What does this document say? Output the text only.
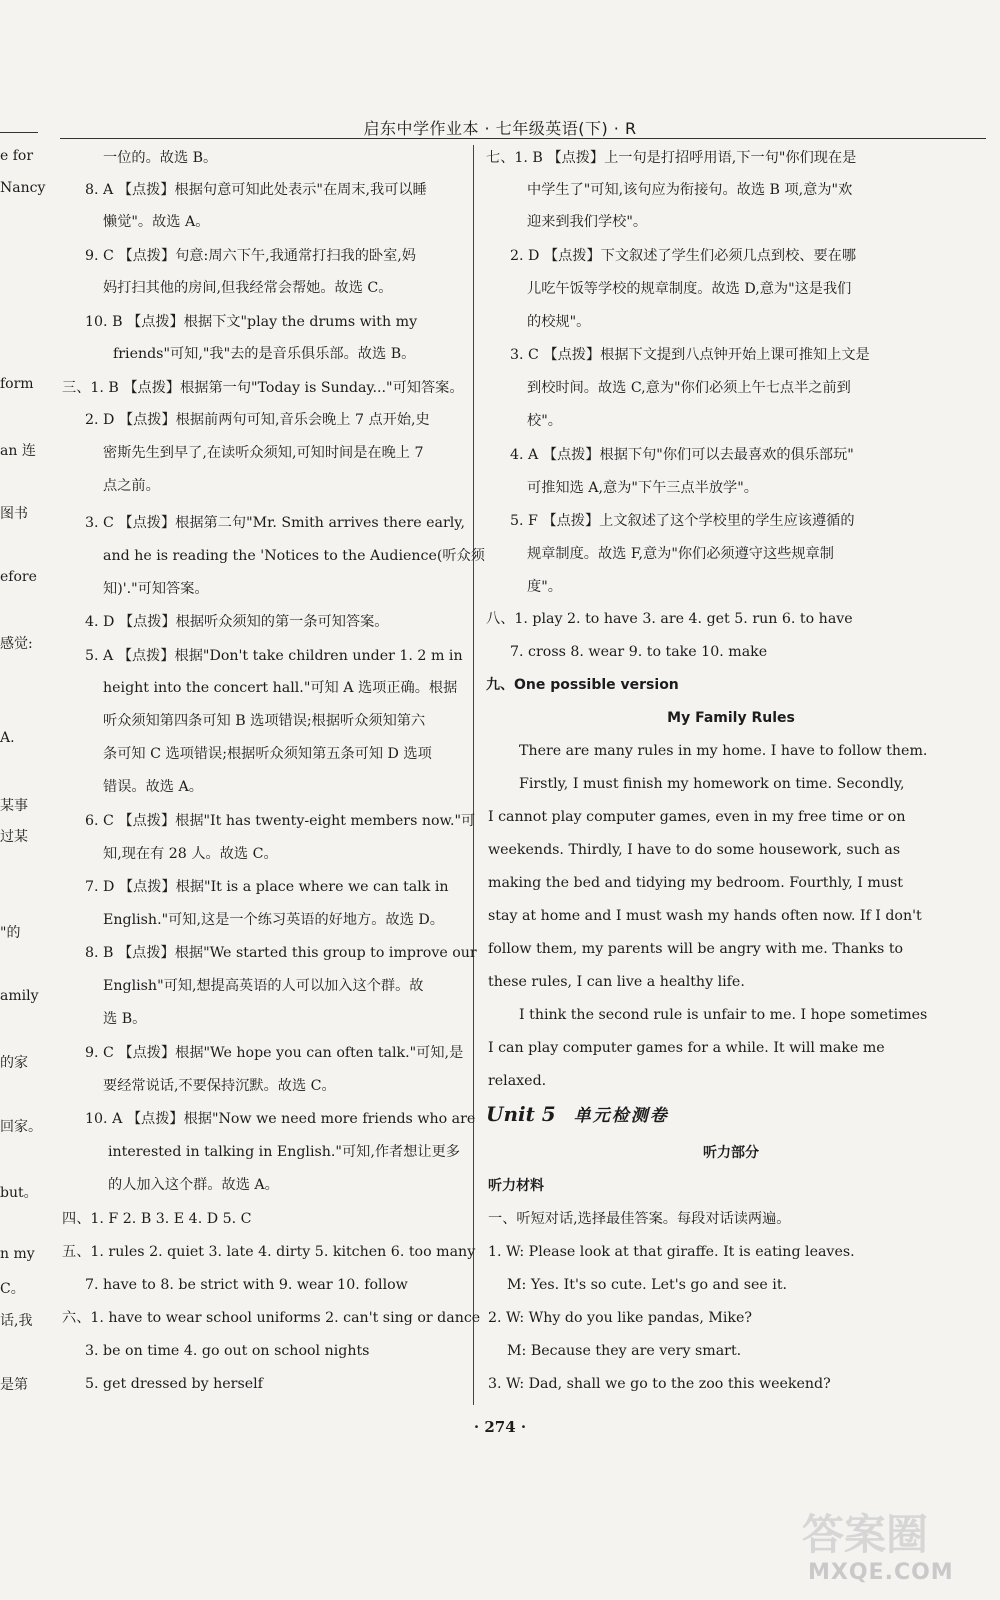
启东中学作业本 · 七年级英语(下) · R
e for
Nancy
form
an 连
图书
efore
感觉:
A.
某事
过某
"的
amily
的家
回家。
but。
n my
C。
话,我
是第
一位的。故选 B。
8. A 【点拨】根据句意可知此处表示"在周末,我可以睡
懒觉"。故选 A。
9. C 【点拨】句意:周六下午,我通常打扫我的卧室,妈
妈打扫其他的房间,但我经常会帮她。故选 C。
10. B 【点拨】根据下文"play the drums with my
friends"可知,"我"去的是音乐俱乐部。故选 B。
三、1. B 【点拨】根据第一句"Today is Sunday..."可知答案。
2. D 【点拨】根据前两句可知,音乐会晚上 7 点开始,史
密斯先生到早了,在读听众须知,可知时间是在晚上 7
点之前。
3. C 【点拨】根据第二句"Mr. Smith arrives there early,
and he is reading the 'Notices to the Audience(听众须
知)'."可知答案。
4. D 【点拨】根据听众须知的第一条可知答案。
5. A 【点拨】根据"Don't take children under 1. 2 m in
height into the concert hall."可知 A 选项正确。根据
听众须知第四条可知 B 选项错误;根据听众须知第六
条可知 C 选项错误;根据听众须知第五条可知 D 选项
错误。故选 A。
6. C 【点拨】根据"It has twenty-eight members now."可
知,现在有 28 人。故选 C。
7. D 【点拨】根据"It is a place where we can talk in
English."可知,这是一个练习英语的好地方。故选 D。
8. B 【点拨】根据"We started this group to improve our
English"可知,想提高英语的人可以加入这个群。故
选 B。
9. C 【点拨】根据"We hope you can often talk."可知,是
要经常说话,不要保持沉默。故选 C。
10. A 【点拨】根据"Now we need more friends who are
interested in talking in English."可知,作者想让更多
的人加入这个群。故选 A。
四、1. F 2. B 3. E 4. D 5. C
五、1. rules 2. quiet 3. late 4. dirty 5. kitchen 6. too many
7. have to 8. be strict with 9. wear 10. follow
六、1. have to wear school uniforms 2. can't sing or dance
3. be on time 4. go out on school nights
5. get dressed by herself
七、1. B 【点拨】上一句是打招呼用语,下一句"你们现在是
中学生了"可知,该句应为衔接句。故选 B 项,意为"欢
迎来到我们学校"。
2. D 【点拨】下文叙述了学生们必须几点到校、要在哪
儿吃午饭等学校的规章制度。故选 D,意为"这是我们
的校规"。
3. C 【点拨】根据下文提到八点钟开始上课可推知上文是
到校时间。故选 C,意为"你们必须上午七点半之前到
校"。
4. A 【点拨】根据下句"你们可以去最喜欢的俱乐部玩"
可推知选 A,意为"下午三点半放学"。
5. F 【点拨】上文叙述了这个学校里的学生应该遵循的
规章制度。故选 F,意为"你们必须遵守这些规章制
度"。
八、1. play 2. to have 3. are 4. get 5. run 6. to have
7. cross 8. wear 9. to take 10. make
There are many rules in my home. I have to follow them.
Firstly, I must finish my homework on time. Secondly,
I cannot play computer games, even in my free time or on
weekends. Thirdly, I have to do some housework, such as
making the bed and tidying my bedroom. Fourthly, I must
stay at home and I must wash my hands often now. If I don't
follow them, my parents will be angry with me. Thanks to
these rules, I can live a healthy life.
I think the second rule is unfair to me. I hope sometimes
I can play computer games for a while. It will make me
relaxed.
一、听短对话,选择最佳答案。每段对话读两遍。
1. W: Please look at that giraffe. It is eating leaves.
M: Yes. It's so cute. Let's go and see it.
2. W: Why do you like pandas, Mike?
M: Because they are very smart.
3. W: Dad, shall we go to the zoo this weekend?
九、One possible version
My Family Rules
Unit 5 单元检测卷
听力部分
听力材料
· 274 ·
答案圈
MXQE.COM
